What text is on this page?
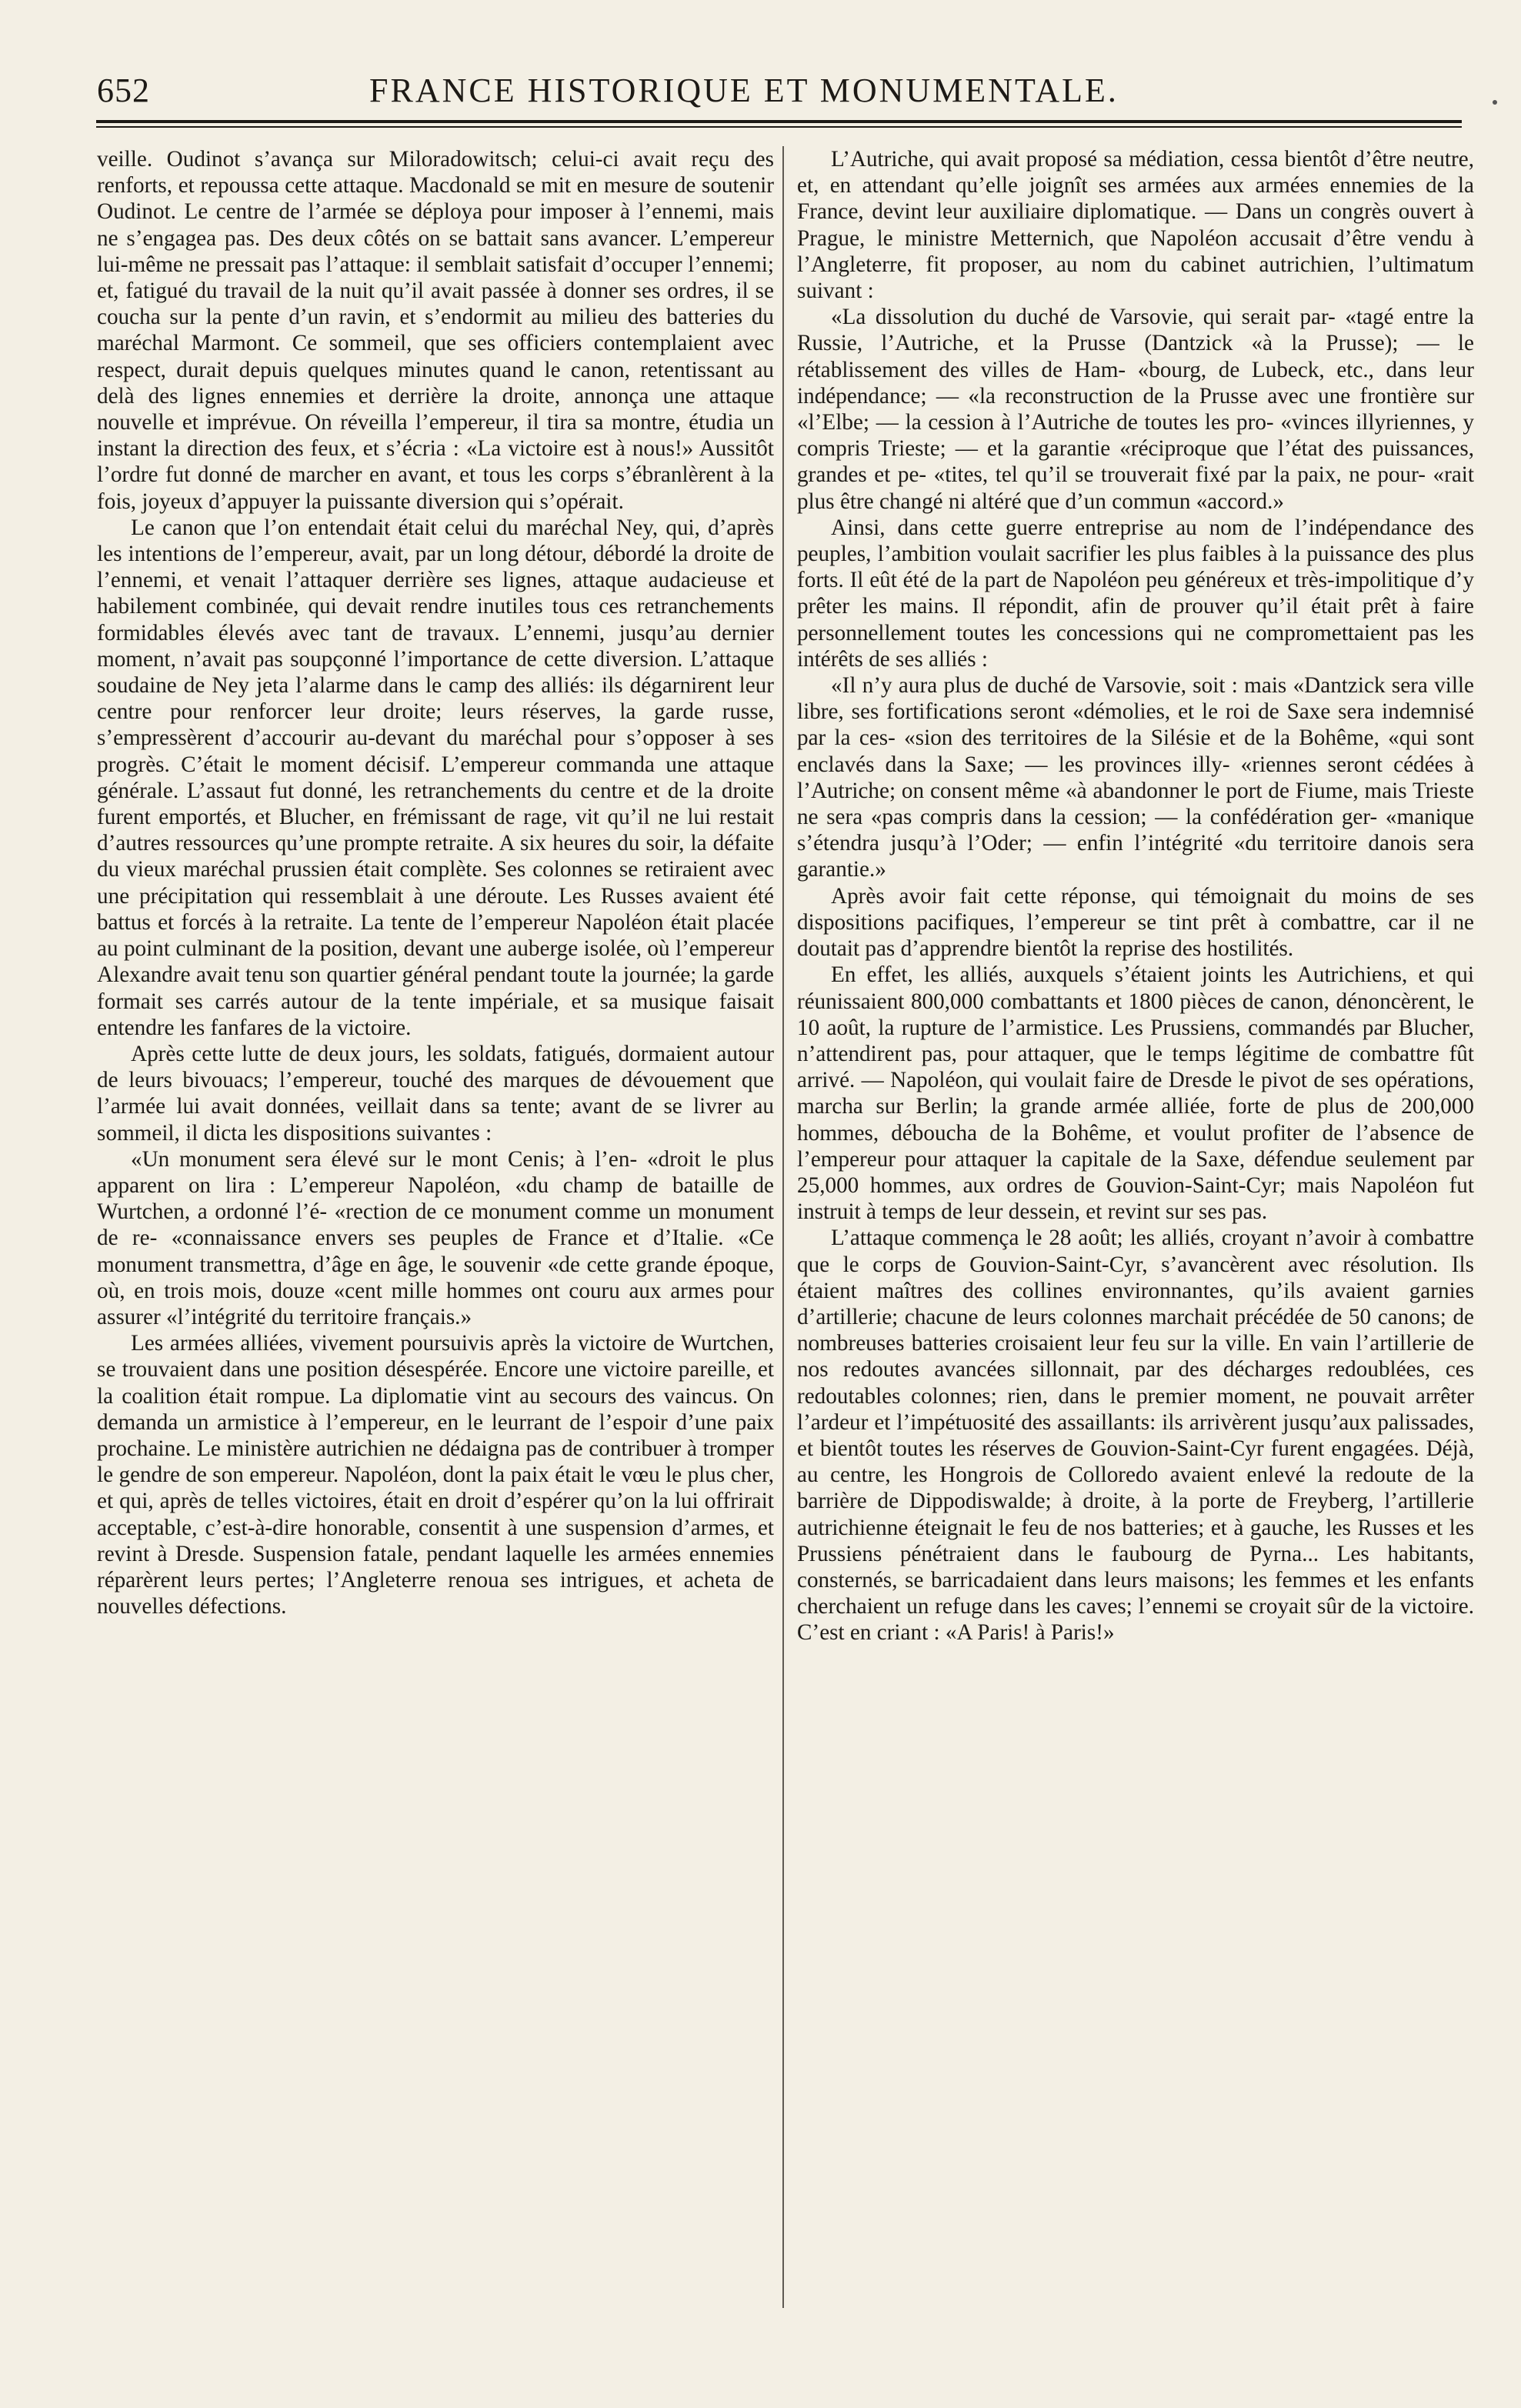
652	FRANCE HISTORIQUE ET MONUMENTALE.

veille. Oudinot s’avança sur Miloradowitsch; celui-ci avait reçu des renforts, et repoussa cette attaque. Macdonald se mit en mesure de soutenir Oudinot. Le centre de l’armée se déploya pour imposer à l’ennemi, mais ne s’engagea pas. Des deux côtés on se battait sans avancer. L’empereur lui-même ne pressait pas l’attaque: il semblait satisfait d’occuper l’ennemi; et, fatigué du travail de la nuit qu’il avait passée à donner ses ordres, il se coucha sur la pente d’un ravin, et s’endormit au milieu des batteries du maréchal Marmont. Ce sommeil, que ses officiers contemplaient avec respect, durait depuis quelques minutes quand le canon, retentissant au delà des lignes ennemies et derrière la droite, annonça une attaque nouvelle et imprévue. On réveilla l’empereur, il tira sa montre, étudia un instant la direction des feux, et s’écria : «La victoire est à nous!» Aussitôt l’ordre fut donné de marcher en avant, et tous les corps s’ébranlèrent à la fois, joyeux d’appuyer la puissante diversion qui s’opérait.

Le canon que l’on entendait était celui du maréchal Ney, qui, d’après les intentions de l’empereur, avait, par un long détour, débordé la droite de l’ennemi, et venait l’attaquer derrière ses lignes, attaque audacieuse et habilement combinée, qui devait rendre inutiles tous ces retranchements formidables élevés avec tant de travaux. L’ennemi, jusqu’au dernier moment, n’avait pas soupçonné l’importance de cette diversion. L’attaque soudaine de Ney jeta l’alarme dans le camp des alliés: ils dégarnirent leur centre pour renforcer leur droite; leurs réserves, la garde russe, s’empressèrent d’accourir au-devant du maréchal pour s’opposer à ses progrès. C’était le moment décisif. L’empereur commanda une attaque générale. L’assaut fut donné, les retranchements du centre et de la droite furent emportés, et Blucher, en frémissant de rage, vit qu’il ne lui restait d’autres ressources qu’une prompte retraite. A six heures du soir, la défaite du vieux maréchal prussien était complète. Ses colonnes se retiraient avec une précipitation qui ressemblait à une déroute. Les Russes avaient été battus et forcés à la retraite. La tente de l’empereur Napoléon était placée au point culminant de la position, devant une auberge isolée, où l’empereur Alexandre avait tenu son quartier général pendant toute la journée; la garde formait ses carrés autour de la tente impériale, et sa musique faisait entendre les fanfares de la victoire.

Après cette lutte de deux jours, les soldats, fatigués, dormaient autour de leurs bivouacs; l’empereur, touché des marques de dévouement que l’armée lui avait données, veillait dans sa tente; avant de se livrer au sommeil, il dicta les dispositions suivantes :

«Un monument sera élevé sur le mont Cenis; à l’en- «droit le plus apparent on lira : L’empereur Napoléon, «du champ de bataille de Wurtchen, a ordonné l’é- «rection de ce monument comme un monument de re- «connaissance envers ses peuples de France et d’Italie. «Ce monument transmettra, d’âge en âge, le souvenir «de cette grande époque, où, en trois mois, douze «cent mille hommes ont couru aux armes pour assurer «l’intégrité du territoire français.»

Les armées alliées, vivement poursuivis après la victoire de Wurtchen, se trouvaient dans une position désespérée. Encore une victoire pareille, et la coalition était rompue. La diplomatie vint au secours des vaincus. On demanda un armistice à l’empereur, en le leurrant de l’espoir d’une paix prochaine. Le ministère autrichien ne dédaigna pas de contribuer à tromper le gendre de son empereur. Napoléon, dont la paix était le vœu le plus cher, et qui, après de telles victoires, était en droit d’espérer qu’on la lui offrirait acceptable, c’est-à-dire honorable, consentit à une suspension d’armes, et revint à Dresde. Suspension fatale, pendant laquelle les armées ennemies réparèrent leurs pertes; l’Angleterre renoua ses intrigues, et acheta de nouvelles défections.

L’Autriche, qui avait proposé sa médiation, cessa bientôt d’être neutre, et, en attendant qu’elle joignît ses armées aux armées ennemies de la France, devint leur auxiliaire diplomatique. — Dans un congrès ouvert à Prague, le ministre Metternich, que Napoléon accusait d’être vendu à l’Angleterre, fit proposer, au nom du cabinet autrichien, l’ultimatum suivant :

«La dissolution du duché de Varsovie, qui serait par- «tagé entre la Russie, l’Autriche, et la Prusse (Dantzick «à la Prusse); — le rétablissement des villes de Ham- «bourg, de Lubeck, etc., dans leur indépendance; — «la reconstruction de la Prusse avec une frontière sur «l’Elbe; — la cession à l’Autriche de toutes les pro- «vinces illyriennes, y compris Trieste; — et la garantie «réciproque que l’état des puissances, grandes et pe- «tites, tel qu’il se trouverait fixé par la paix, ne pour- «rait plus être changé ni altéré que d’un commun «accord.»

Ainsi, dans cette guerre entreprise au nom de l’indépendance des peuples, l’ambition voulait sacrifier les plus faibles à la puissance des plus forts. Il eût été de la part de Napoléon peu généreux et très-impolitique d’y prêter les mains. Il répondit, afin de prouver qu’il était prêt à faire personnellement toutes les concessions qui ne compromettaient pas les intérêts de ses alliés :

«Il n’y aura plus de duché de Varsovie, soit : mais «Dantzick sera ville libre, ses fortifications seront «démolies, et le roi de Saxe sera indemnisé par la ces- «sion des territoires de la Silésie et de la Bohême, «qui sont enclavés dans la Saxe; — les provinces illy- «riennes seront cédées à l’Autriche; on consent même «à abandonner le port de Fiume, mais Trieste ne sera «pas compris dans la cession; — la confédération ger- «manique s’étendra jusqu’à l’Oder; — enfin l’intégrité «du territoire danois sera garantie.»

Après avoir fait cette réponse, qui témoignait du moins de ses dispositions pacifiques, l’empereur se tint prêt à combattre, car il ne doutait pas d’apprendre bientôt la reprise des hostilités.

En effet, les alliés, auxquels s’étaient joints les Autrichiens, et qui réunissaient 800,000 combattants et 1800 pièces de canon, dénoncèrent, le 10 août, la rupture de l’armistice. Les Prussiens, commandés par Blucher, n’attendirent pas, pour attaquer, que le temps légitime de combattre fût arrivé. — Napoléon, qui voulait faire de Dresde le pivot de ses opérations, marcha sur Berlin; la grande armée alliée, forte de plus de 200,000 hommes, déboucha de la Bohême, et voulut profiter de l’absence de l’empereur pour attaquer la capitale de la Saxe, défendue seulement par 25,000 hommes, aux ordres de Gouvion-Saint-Cyr; mais Napoléon fut instruit à temps de leur dessein, et revint sur ses pas.

L’attaque commença le 28 août; les alliés, croyant n’avoir à combattre que le corps de Gouvion-Saint-Cyr, s’avancèrent avec résolution. Ils étaient maîtres des collines environnantes, qu’ils avaient garnies d’artillerie; chacune de leurs colonnes marchait précédée de 50 canons; de nombreuses batteries croisaient leur feu sur la ville. En vain l’artillerie de nos redoutes avancées sillonnait, par des décharges redoublées, ces redoutables colonnes; rien, dans le premier moment, ne pouvait arrêter l’ardeur et l’impétuosité des assaillants: ils arrivèrent jusqu’aux palissades, et bientôt toutes les réserves de Gouvion-Saint-Cyr furent engagées. Déjà, au centre, les Hongrois de Colloredo avaient enlevé la redoute de la barrière de Dippodiswalde; à droite, à la porte de Freyberg, l’artillerie autrichienne éteignait le feu de nos batteries; et à gauche, les Russes et les Prussiens pénétraient dans le faubourg de Pyrna... Les habitants, consternés, se barricadaient dans leurs maisons; les femmes et les enfants cherchaient un refuge dans les caves; l’ennemi se croyait sûr de la victoire. C’est en criant : «A Paris! à Paris!»
